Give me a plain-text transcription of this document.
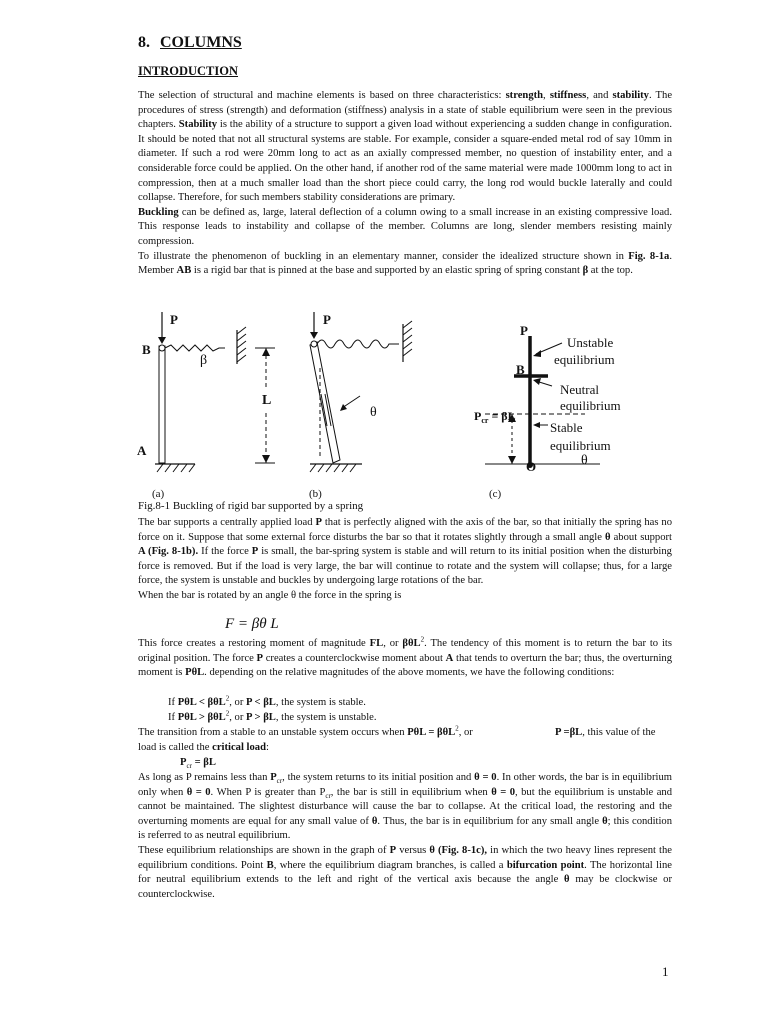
8. COLUMNS
INTRODUCTION

The selection of structural and machine elements is based on three characteristics: strength, stiffness, and stability. The procedures of stress (strength) and deformation (stiffness) analysis in a state of stable equilibrium were seen in the previous chapters. Stability is the ability of a structure to support a given load without experiencing a sudden change in configuration. It should be noted that not all structural systems are stable. For example, consider a square-ended metal rod of say 10mm in diameter. If such a rod were 20mm long to act as an axially compressed member, no question of instability enter, and a considerable force could be applied. On the other hand, if another rod of the same material were made 1000mm long to act in compression, then at a much smaller load than the short piece could carry, the long rod would buckle laterally and could collapse. Therefore, for such members stability considerations are primary.

Buckling can be defined as, large, lateral deflection of a column owing to a small increase in an existing compressive load. This response leads to instability and collapse of the member. Columns are long, slender members resisting mainly compression.

To illustrate the phenomenon of buckling in an elementary manner, consider the idealized structure shown in Fig. 8-1a. Member AB is a rigid bar that is pinned at the base and supported by an elastic spring of spring constant β at the top.

P
B
β
L
A
(a)
P
θ
(b)
P
B
$P_{cr} = \beta L$
O	θ
Unstable
equilibrium
Neutral
equilibrium
Stable
equilibrium
(c)
Fig.8-1 Buckling of rigid bar supported by a spring

The bar supports a centrally applied load P that is perfectly aligned with the axis of the bar, so that initially the spring has no force on it. Suppose that some external force disturbs the bar so that it rotates slightly through a small angle θ about support A (Fig. 8-1b). If the force P is small, the bar-spring system is stable and will return to its initial position when the disturbing force is removed. But if the load is very large, the bar will continue to rotate and the system will collapse; thus, for a large force, the system is unstable and buckles by undergoing large rotations of the bar.

When the bar is rotated by an angle θ the force in the spring is

F = βθ L

This force creates a restoring moment of magnitude FL, or βθL$^2$. The tendency of this moment is to return the bar to its original position. The force P creates a counterclockwise moment about A that tends to overturn the bar; thus, the overturning moment is PθL. depending on the relative magnitudes of the above moments, we have the following conditions:

If PθL < βθL$^2$, or P < βL, the system is stable.
If PθL > βθL$^2$, or P > βL, the system is unstable.
The transition from a stable to an unstable system occurs when PθL = βθL$^2$, or	P =βL, this value of the
load is called the critical load:
$P_{cr} = \beta L$

As long as P remains less than $P_{cr}$, the system returns to its initial position and θ = 0. In other words, the bar is in equilibrium only when θ = 0. When P is greater than $P_{cr}$, the bar is still in equilibrium when θ = 0, but the equilibrium is unstable and cannot be maintained. The slightest disturbance will cause the bar to collapse. At the critical load, the restoring and the overturning moments are equal for any small value of θ. Thus, the bar is in equilibrium for any small angle θ; this condition is referred to as neutral equilibrium.

These equilibrium relationships are shown in the graph of P versus θ (Fig. 8-1c), in which the two heavy lines represent the equilibrium conditions. Point B, where the equilibrium diagram branches, is called a bifurcation point. The horizontal line for neutral equilibrium extends to the left and right of the vertical axis because the angle θ may be clockwise or counterclockwise.

1
